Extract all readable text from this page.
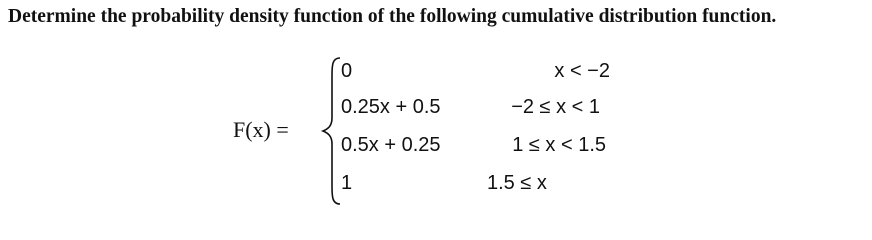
Determine the probability density function of the following cumulative distribution function.
F(x) =
0	x < −2
0.25x + 0.5	−2 ≤ x < 1
0.5x + 0.25	1 ≤ x < 1.5
1	1.5 ≤ x
